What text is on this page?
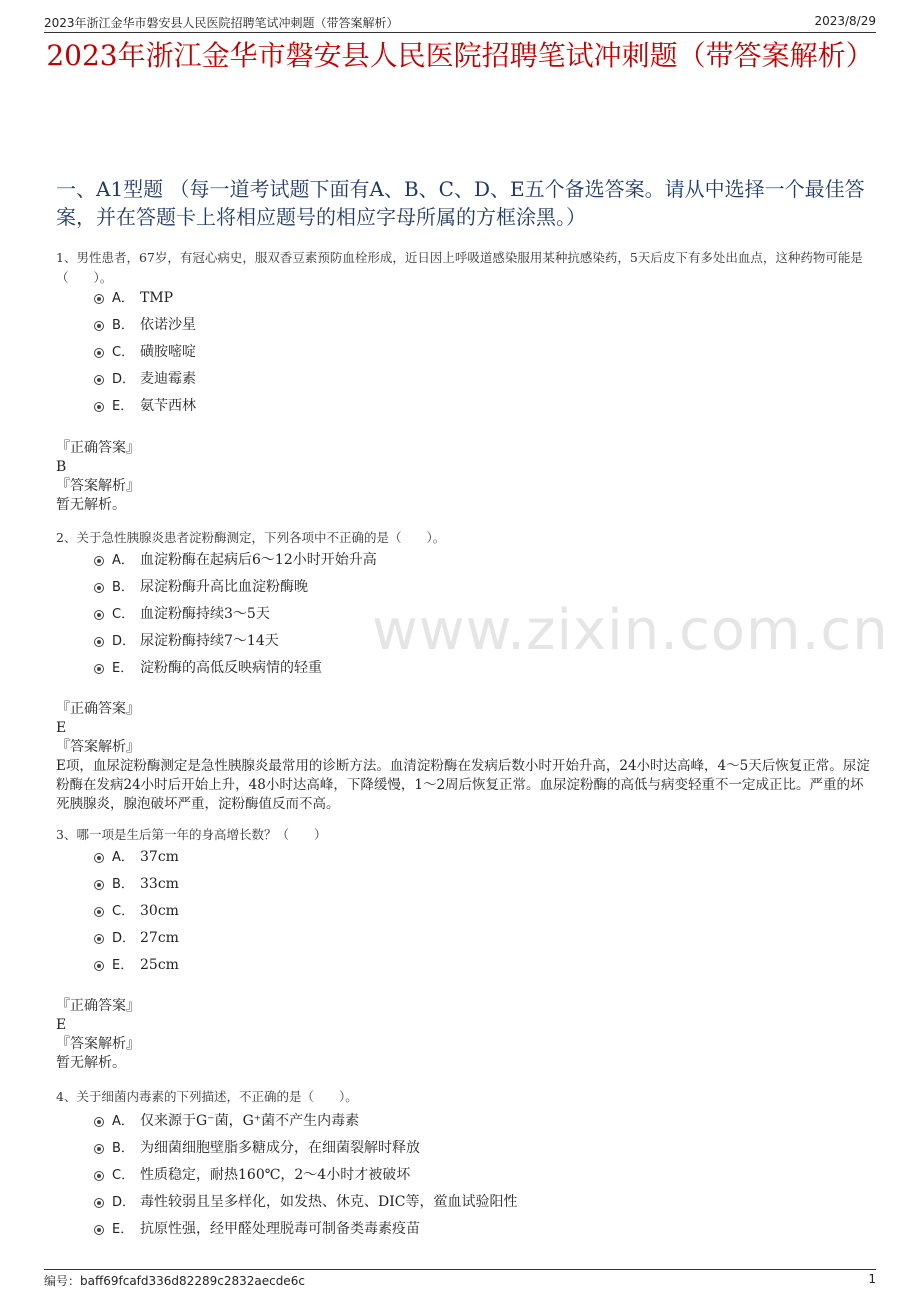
2023年浙江金华市磐安县人民医院招聘笔试冲刺题（带答案解析）	2023/8/29
2023年浙江金华市磐安县人民医院招聘笔试冲刺题（带答案解析）
一、A1型题 （每一道考试题下面有A、B、C、D、E五个备选答案。请从中选择一个最佳答案，并在答题卡上将相应题号的相应字母所属的方框涂黑。）
www.zixin.com.cn
1、男性患者，67岁，有冠心病史，服双香豆素预防血栓形成，近日因上呼吸道感染服用某种抗感染药，5天后皮下有多处出血点，这种药物可能是（　　）。
A． TMP
B． 依诺沙星
C． 磺胺嘧啶
D． 麦迪霉素
E． 氨苄西林
『正确答案』
B
『答案解析』
暂无解析。
2、关于急性胰腺炎患者淀粉酶测定，下列各项中不正确的是（　　）。
A． 血淀粉酶在起病后6～12小时开始升高
B． 尿淀粉酶升高比血淀粉酶晚
C． 血淀粉酶持续3～5天
D． 尿淀粉酶持续7～14天
E． 淀粉酶的高低反映病情的轻重
『正确答案』
E
『答案解析』
E项，血尿淀粉酶测定是急性胰腺炎最常用的诊断方法。血清淀粉酶在发病后数小时开始升高，24小时达高峰，4～5天后恢复正常。尿淀粉酶在发病24小时后开始上升，48小时达高峰，下降缓慢，1～2周后恢复正常。血尿淀粉酶的高低与病变轻重不一定成正比。严重的坏死胰腺炎，腺泡破坏严重，淀粉酶值反而不高。
3、哪一项是生后第一年的身高增长数？（　　）
A． 37cm
B． 33cm
C． 30cm
D． 27cm
E． 25cm
『正确答案』
E
『答案解析』
暂无解析。
4、关于细菌内毒素的下列描述，不正确的是（　　）。
A． 仅来源于G⁻菌，G⁺菌不产生内毒素
B． 为细菌细胞壁脂多糖成分，在细菌裂解时释放
C． 性质稳定，耐热160℃，2～4小时才被破坏
D． 毒性较弱且呈多样化，如发热、休克、DIC等，鲎血试验阳性
E． 抗原性强，经甲醛处理脱毒可制备类毒素疫苗
编号：baff69fcafd336d82289c2832aecde6c	1
